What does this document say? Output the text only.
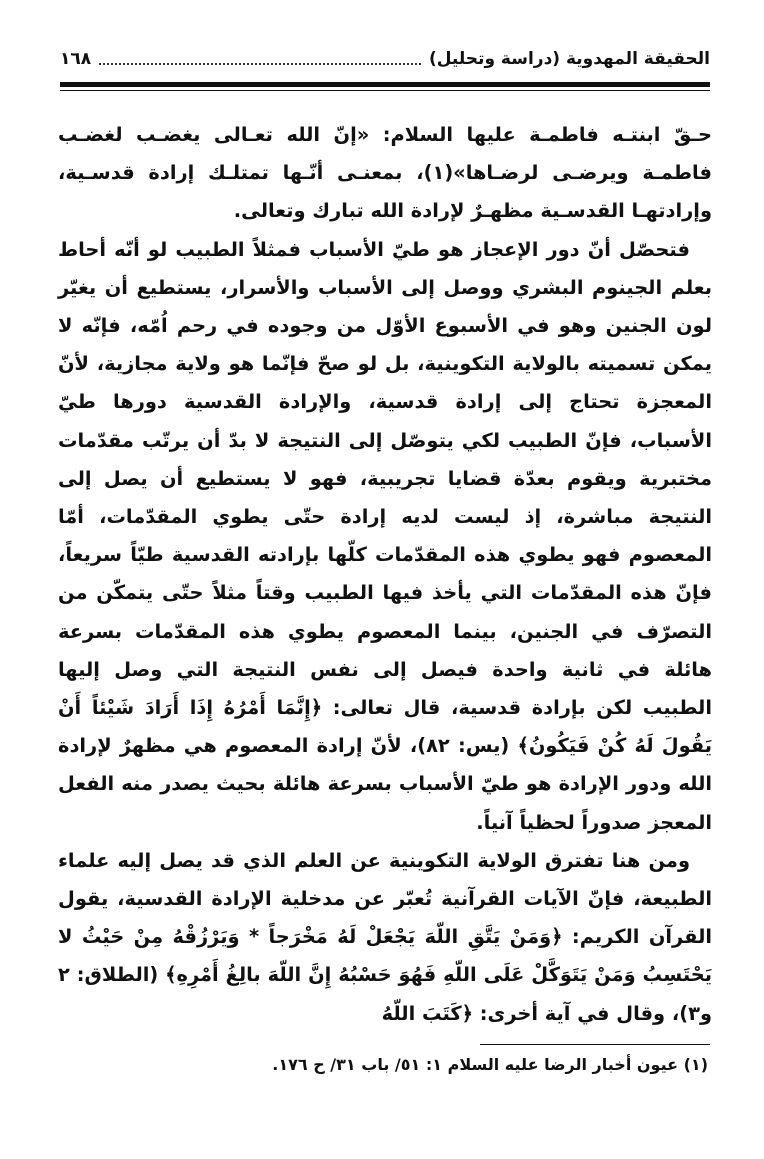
الحقيقة المهدوية (دراسة وتحليل)
١٦٨

حـقّ ابنتـه فاطمـة عليها السلام: «إنّ الله تعـالى يغضـب لغضـب فاطمـة ويرضـى لرضـاها»(١)، بمعنـى أنّـها تمتلـك إرادة قدسـية، وإرادتهـا القدسـية مظهـرٌ لإرادة الله تبارك وتعالى.

فتحصّل أنّ دور الإعجاز هو طيّ الأسباب فمثلاً الطبيب لو أنّه أحاط بعلم الجينوم البشري ووصل إلى الأسباب والأسرار، يستطيع أن يغيّر لون الجنين وهو في الأسبوع الأوّل من وجوده في رحم اُمّه، فإنّه لا يمكن تسميته بالولاية التكوينية، بل لو صحّ فإنّما هو ولاية مجازية، لأنّ المعجزة تحتاج إلى إرادة قدسية، والإرادة القدسية دورها طيّ الأسباب، فإنّ الطبيب لكي يتوصّل إلى النتيجة لا بدّ أن يرتّب مقدّمات مختبرية ويقوم بعدّة قضايا تجريبية، فهو لا يستطيع أن يصل إلى النتيجة مباشرة، إذ ليست لديه إرادة حتّى يطوي المقدّمات، أمّا المعصوم فهو يطوي هذه المقدّمات كلّها بإرادته القدسية طيّاً سريعاً، فإنّ هذه المقدّمات التي يأخذ فيها الطبيب وقتاً مثلاً حتّى يتمكّن من التصرّف في الجنين، بينما المعصوم يطوي هذه المقدّمات بسرعة هائلة في ثانية واحدة فيصل إلى نفس النتيجة التي وصل إليها الطبيب لكن بإرادة قدسية، قال تعالى: ﴿إِنَّمَا أَمْرُهُ إِذَا أَرَادَ شَيْئاً أَنْ يَقُولَ لَهُ كُنْ فَيَكُونُ﴾ (يس: ٨٢)، لأنّ إرادة المعصوم هي مظهرٌ لإرادة الله ودور الإرادة هو طيّ الأسباب بسرعة هائلة بحيث يصدر منه الفعل المعجز صدوراً لحظياً آنياً.

ومن هنا تفترق الولاية التكوينية عن العلم الذي قد يصل إليه علماء الطبيعة، فإنّ الآيات القرآنية تُعبّر عن مدخلية الإرادة القدسية، يقول القرآن الكريم: ﴿وَمَنْ يَتَّقِ اللّهَ يَجْعَلْ لَهُ مَخْرَجاً * وَيَرْزُقْهُ مِنْ حَيْثُ لا يَحْتَسِبُ وَمَنْ يَتَوَكَّلْ عَلَى اللّهِ فَهُوَ حَسْبُهُ إِنَّ اللّهَ بالِغُ أَمْرِهِ﴾ (الطلاق: ٢ و٣)، وقال في آية أخرى: ﴿كَتَبَ اللّهُ

(١) عيون أخبار الرضا عليه السلام ١: ٥١/ باب ٣١/ ح ١٧٦.
